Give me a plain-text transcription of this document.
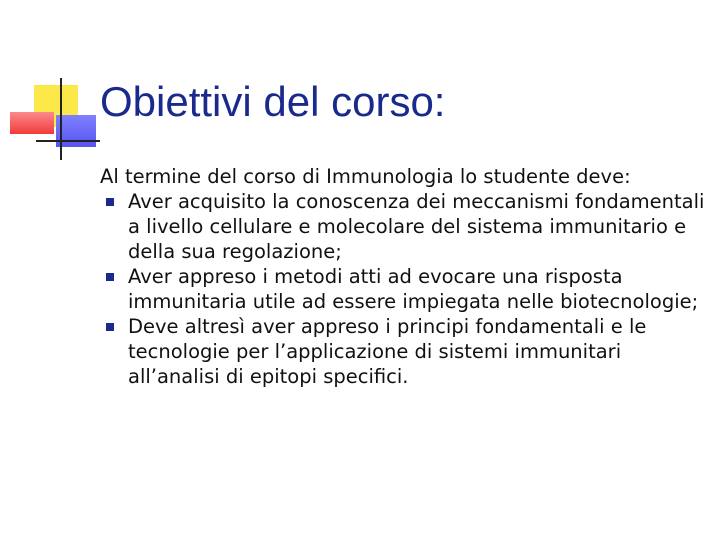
Obiettivi del corso:

Al termine del corso di Immunologia lo studente deve:

Aver acquisito la conoscenza dei meccanismi fondamentali a livello cellulare e molecolare del sistema immunitario e della sua regolazione;
Aver appreso i metodi atti ad evocare una risposta immunitaria utile ad essere impiegata nelle biotecnologie;
Deve altresì aver appreso i principi fondamentali e le tecnologie per l’applicazione di sistemi immunitari all’analisi di epitopi specifici.
